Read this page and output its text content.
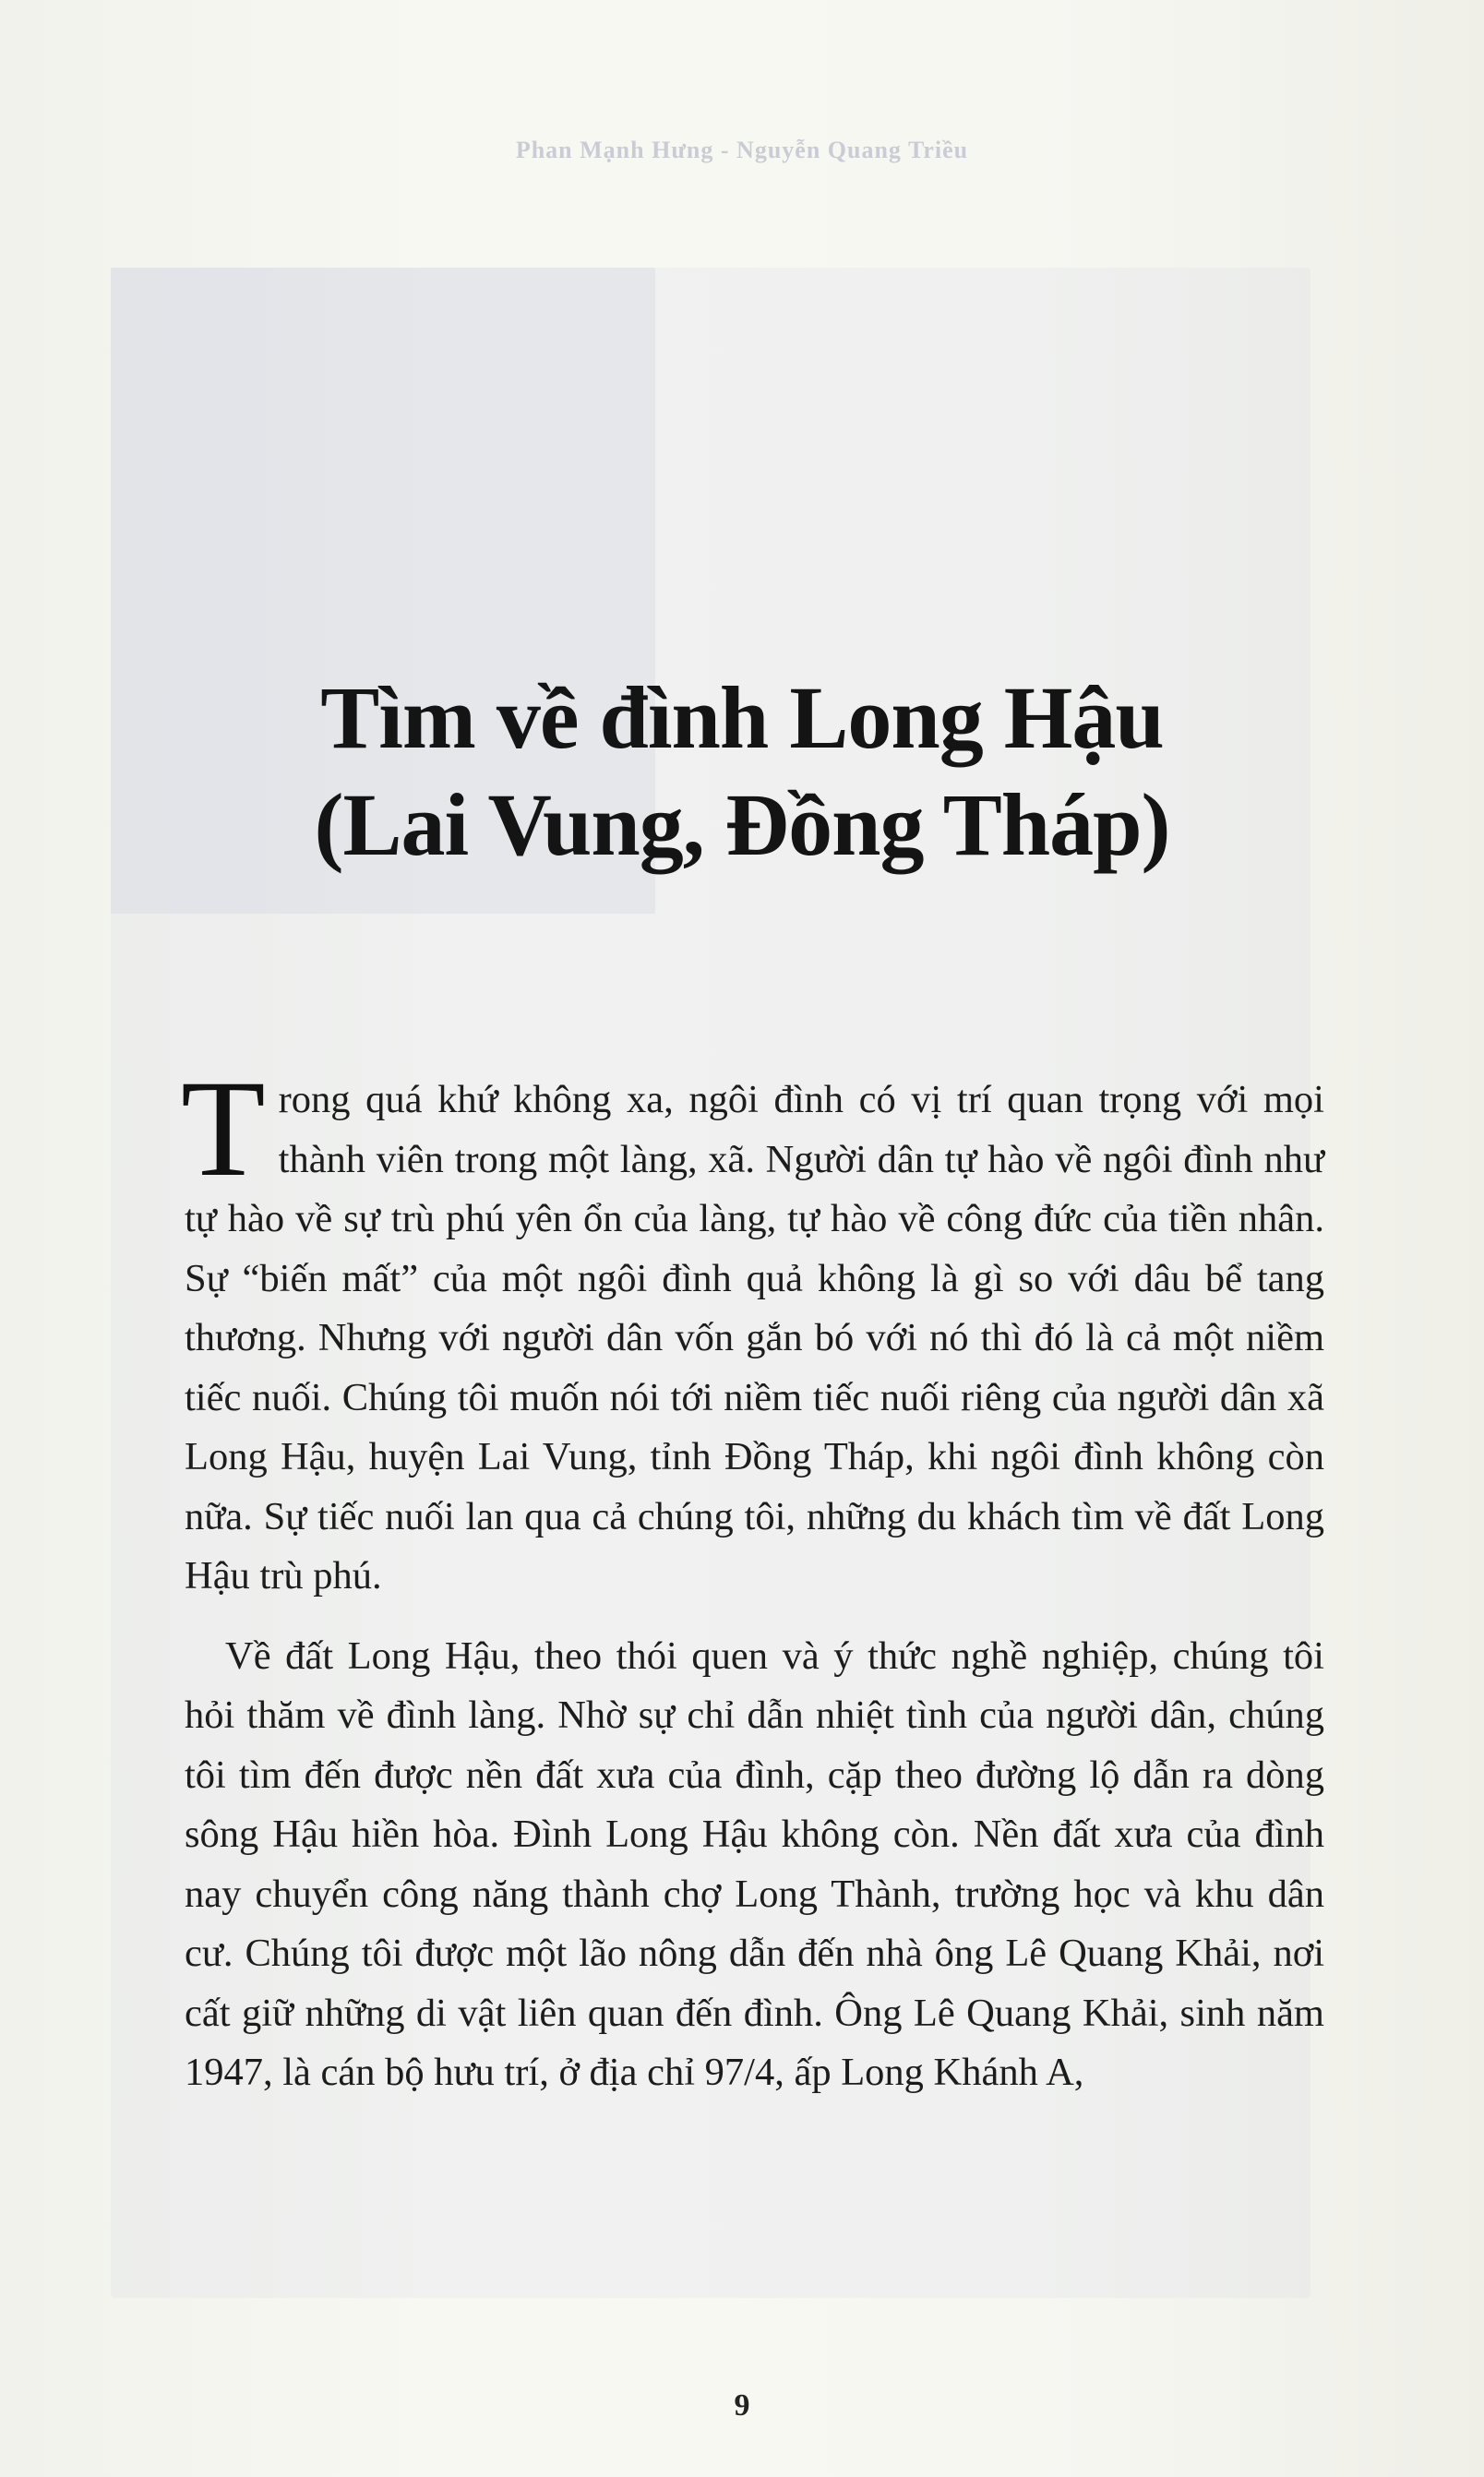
Phan Mạnh Hưng - Nguyễn Quang Triều
Tìm về đình Long Hậu
(Lai Vung, Đồng Tháp)

Trong quá khứ không xa, ngôi đình có vị trí quan trọng với mọi thành viên trong một làng, xã. Người dân tự hào về ngôi đình như tự hào về sự trù phú yên ổn của làng, tự hào về công đức của tiền nhân. Sự “biến mất” của một ngôi đình quả không là gì so với dâu bể tang thương. Nhưng với người dân vốn gắn bó với nó thì đó là cả một niềm tiếc nuối. Chúng tôi muốn nói tới niềm tiếc nuối riêng của người dân xã Long Hậu, huyện Lai Vung, tỉnh Đồng Tháp, khi ngôi đình không còn nữa. Sự tiếc nuối lan qua cả chúng tôi, những du khách tìm về đất Long Hậu trù phú.

Về đất Long Hậu, theo thói quen và ý thức nghề nghiệp, chúng tôi hỏi thăm về đình làng. Nhờ sự chỉ dẫn nhiệt tình của người dân, chúng tôi tìm đến được nền đất xưa của đình, cặp theo đường lộ dẫn ra dòng sông Hậu hiền hòa. Đình Long Hậu không còn. Nền đất xưa của đình nay chuyển công năng thành chợ Long Thành, trường học và khu dân cư. Chúng tôi được một lão nông dẫn đến nhà ông Lê Quang Khải, nơi cất giữ những di vật liên quan đến đình. Ông Lê Quang Khải, sinh năm 1947, là cán bộ hưu trí, ở địa chỉ 97/4, ấp Long Khánh A,

9
